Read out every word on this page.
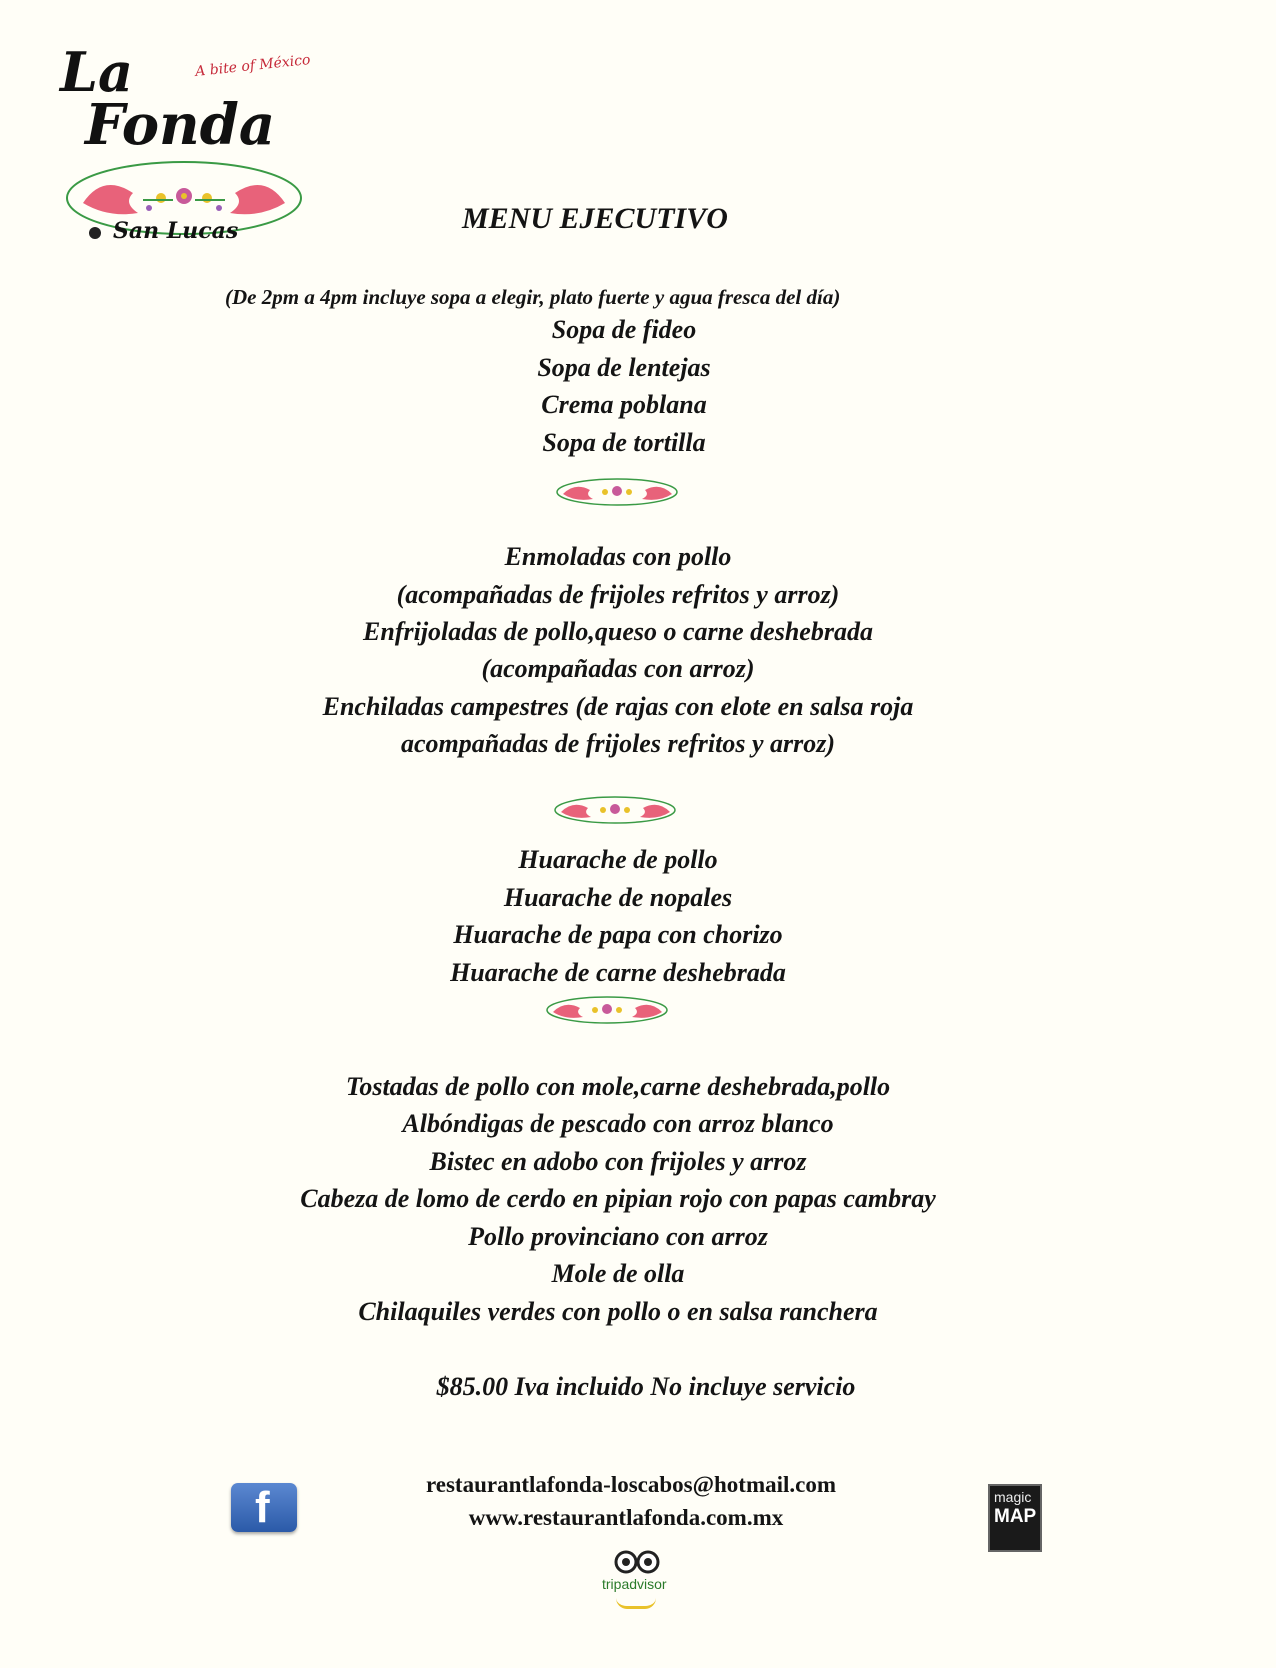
La	A bite of México
Fonda
San Lucas	MENU EJECUTIVO
(De 2pm a 4pm incluye sopa a elegir, plato fuerte y agua fresca del día)
Sopa de fideo
Sopa de lentejas
Crema poblana
Sopa de tortilla
Enmoladas con pollo
(acompañadas de frijoles refritos y arroz)
Enfrijoladas de pollo,queso o carne deshebrada
(acompañadas con arroz)
Enchiladas campestres (de rajas con elote en salsa roja
acompañadas de frijoles refritos y arroz)
Huarache de pollo
Huarache de nopales
Huarache de papa con chorizo
Huarache de carne deshebrada
Tostadas de pollo con mole,carne deshebrada,pollo
Albóndigas de pescado con arroz blanco
Bistec en adobo con frijoles y arroz
Cabeza de lomo de cerdo en pipian rojo con papas cambray
Pollo provinciano con arroz
Mole de olla
Chilaquiles verdes con pollo o en salsa ranchera
$85.00 Iva incluido No incluye servicio
f	restaurantlafonda-loscabos@hotmail.com
www.restaurantlafonda.com.mx
magic
MAP
tripadvisor
